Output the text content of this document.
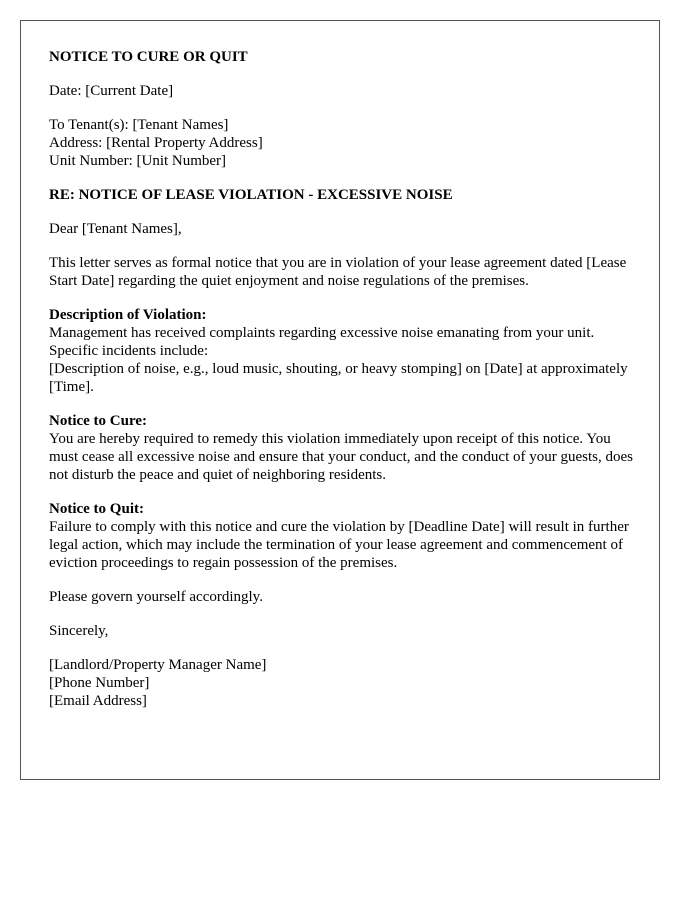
NOTICE TO CURE OR QUIT

Date: [Current Date]

To Tenant(s): [Tenant Names]
Address: [Rental Property Address]
Unit Number: [Unit Number]

RE: NOTICE OF LEASE VIOLATION - EXCESSIVE NOISE

Dear [Tenant Names],

This letter serves as formal notice that you are in violation of your lease agreement dated [Lease Start Date] regarding the quiet enjoyment and noise regulations of the premises.

Description of Violation:
Management has received complaints regarding excessive noise emanating from your unit. Specific incidents include:
[Description of noise, e.g., loud music, shouting, or heavy stomping] on [Date] at approximately [Time].

Notice to Cure:
You are hereby required to remedy this violation immediately upon receipt of this notice. You must cease all excessive noise and ensure that your conduct, and the conduct of your guests, does not disturb the peace and quiet of neighboring residents.

Notice to Quit:
Failure to comply with this notice and cure the violation by [Deadline Date] will result in further legal action, which may include the termination of your lease agreement and commencement of eviction proceedings to regain possession of the premises.

Please govern yourself accordingly.

Sincerely,

[Landlord/Property Manager Name]
[Phone Number]
[Email Address]
